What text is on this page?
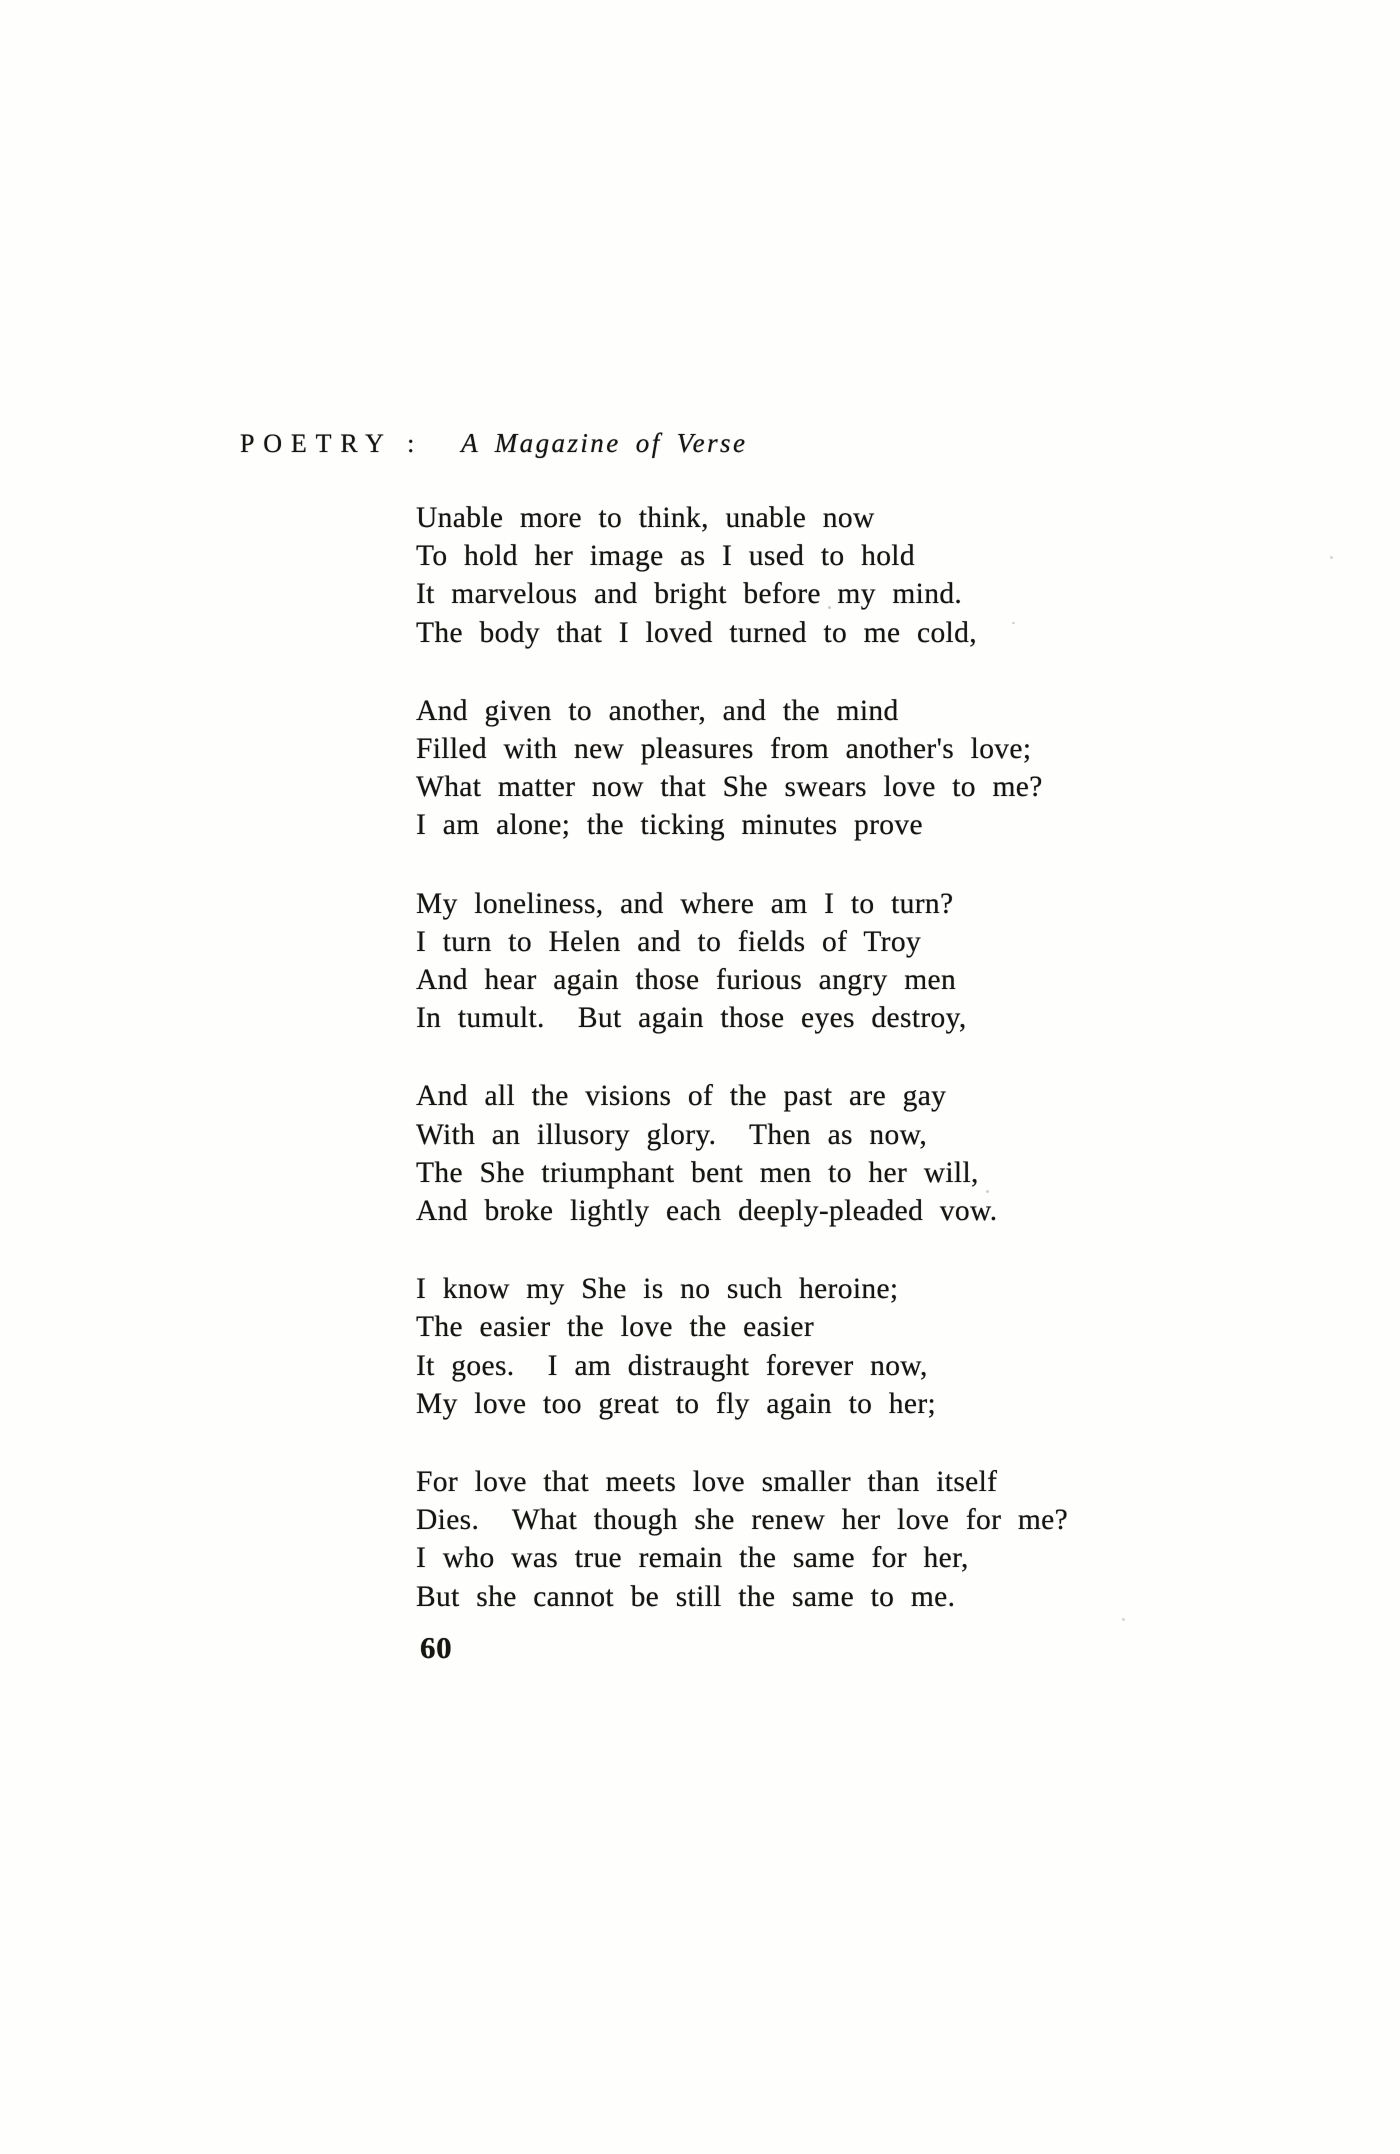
POETRY : A Magazine of Verse
Unable more to think, unable now
To hold her image as I used to hold
It marvelous and bright before my mind.
The body that I loved turned to me cold,
And given to another, and the mind
Filled with new pleasures from another's love;
What matter now that She swears love to me?
I am alone; the ticking minutes prove
My loneliness, and where am I to turn?
I turn to Helen and to fields of Troy
And hear again those furious angry men
In tumult.  But again those eyes destroy,
And all the visions of the past are gay
With an illusory glory.  Then as now,
The She triumphant bent men to her will,
And broke lightly each deeply-pleaded vow.
I know my She is no such heroine;
The easier the love the easier
It goes.  I am distraught forever now,
My love too great to fly again to her;
For love that meets love smaller than itself
Dies.  What though she renew her love for me?
I who was true remain the same for her,
But she cannot be still the same to me.
60
